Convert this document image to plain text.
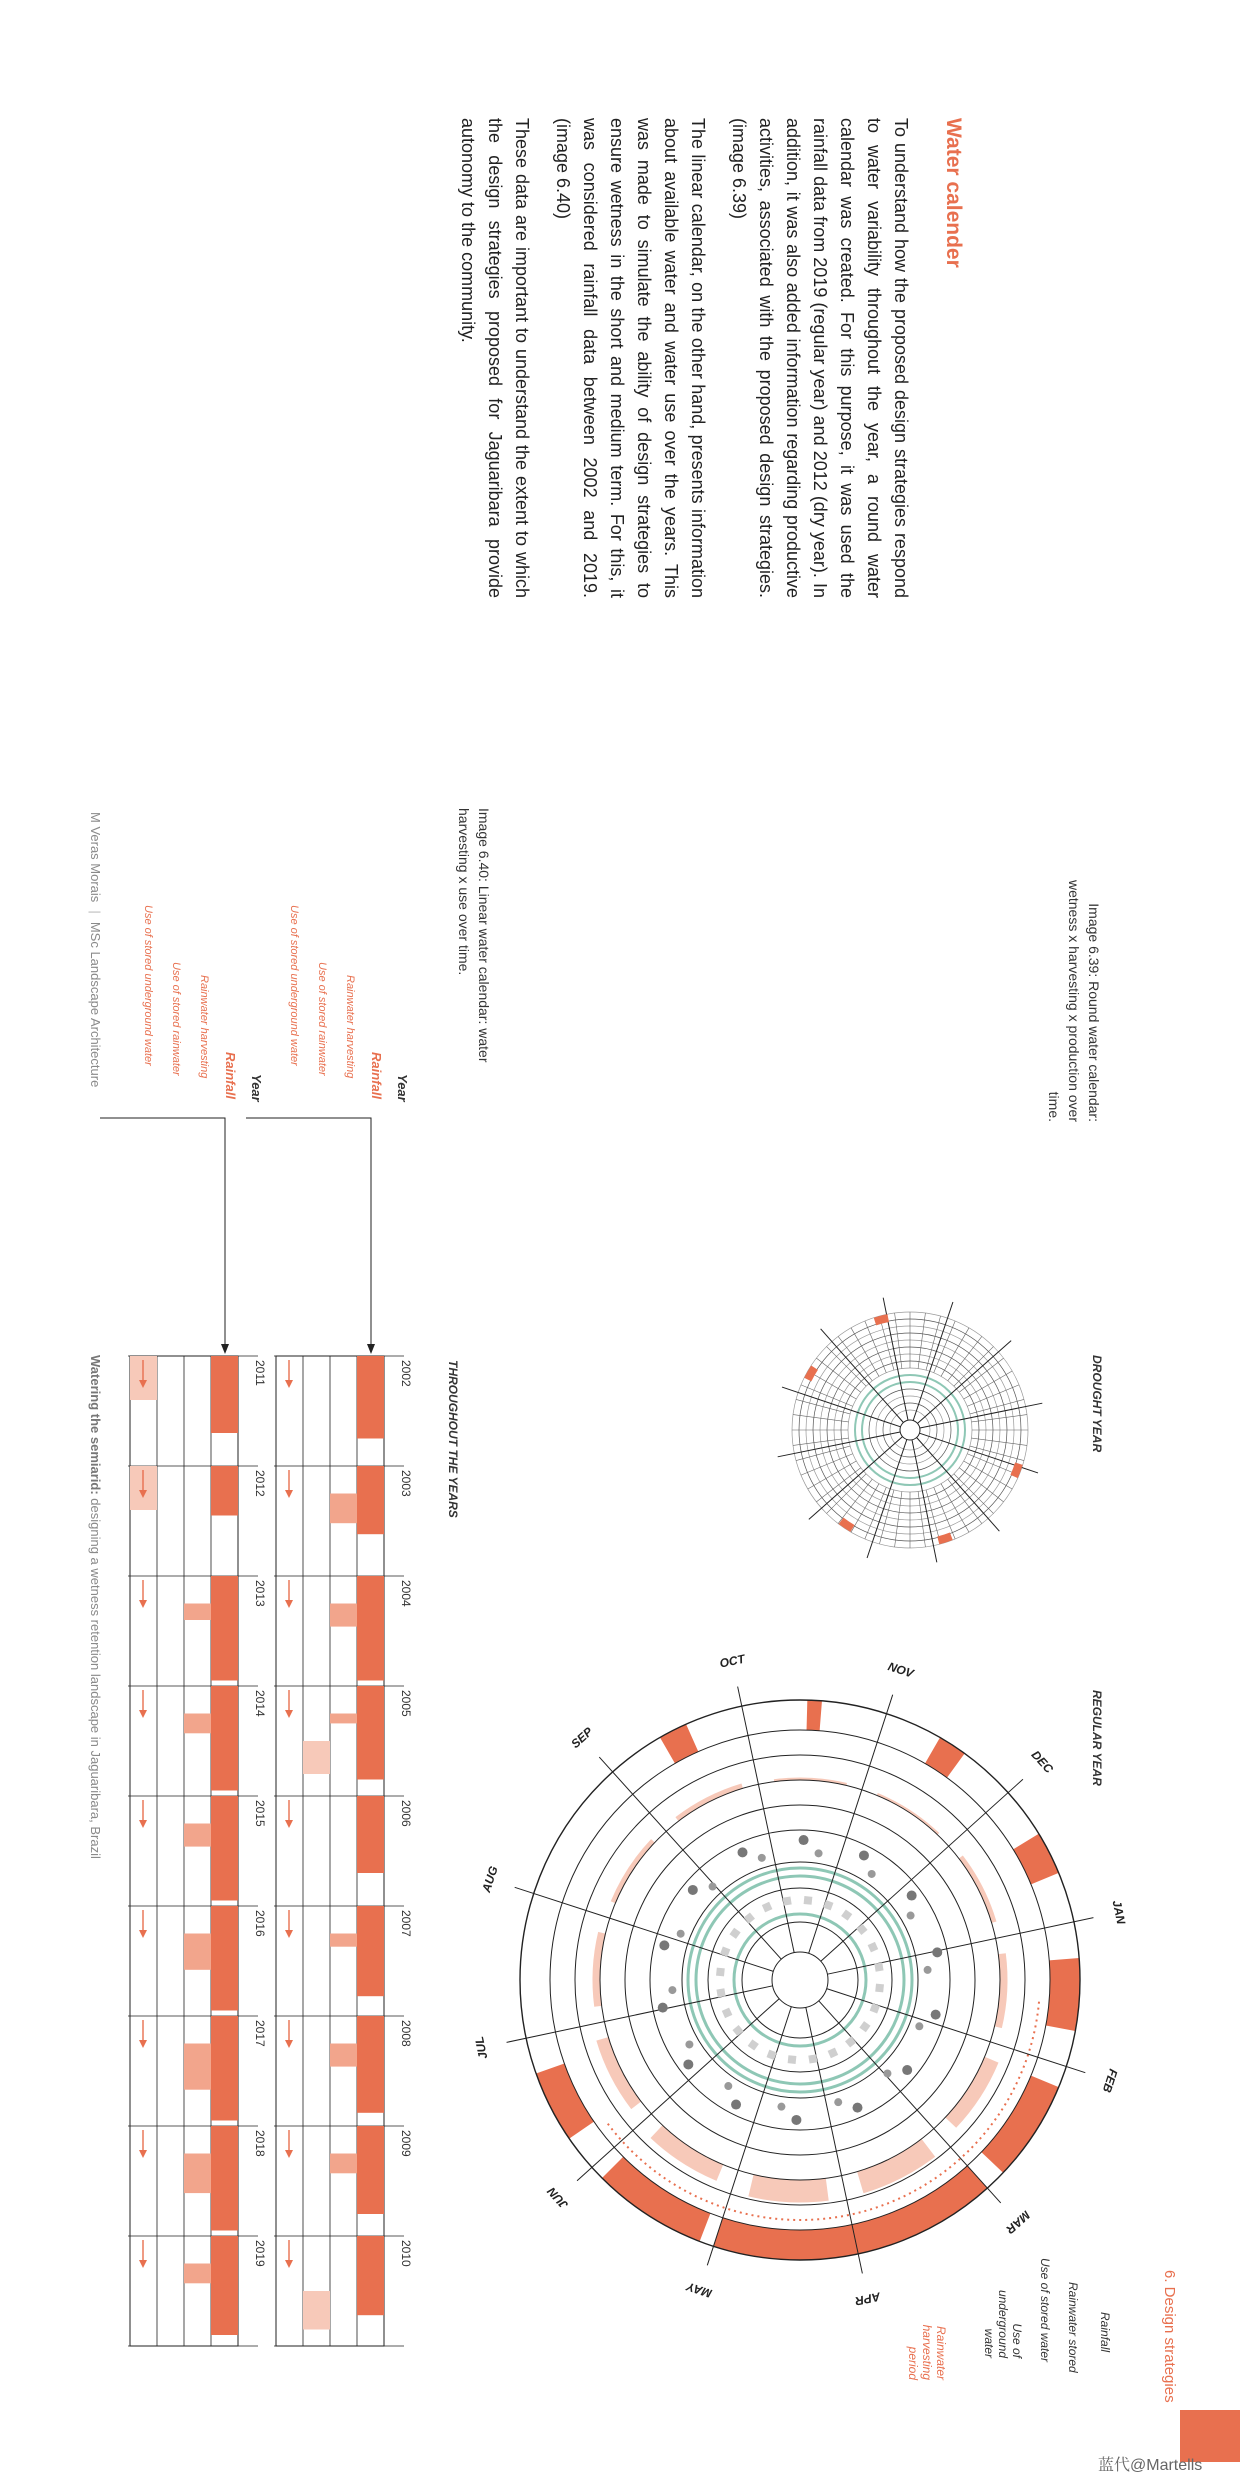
Water calender

To understand how the proposed design strategies respond to water variability throughout the year, a round water calendar was created. For this purpose, it was used the rainfall data from 2019 (regular year) and 2012 (dry year). In addition, it was also added information regarding productive activities, associated with the proposed design strategies. (image 6.39)

The linear calendar, on the other hand, presents information about available water and water use over the years. This was made to simulate the ability of design strategies to ensure wetness in the short and medium term. For this, it was considered rainfall data between 2002 and 2019. (image 6.40)

These data are important to understand the extent to which the design strategies proposed for Jaguaribara provide autonomy to the community.

Image 6.39: Round water calendar: wetness x harvesting x production over time.
Image 6.40: Linear water calendar: water harvesting x use over time.
DROUGHT YEAR
JAN
FEB
MAR
APR
MAY
JUN
JUL
AUG
SEP
OCT	NOV
DEC	REGULAR YEAR
Rainfall
Rainwater stored
Use of stored water
Use of underground water
Rainwater harvesting period
THROUGHOUT THE YEARS
Year
Rainfall
Rainwater harvesting
Use of stored rainwater
Use of stored underground water
Year
Rainfall
Rainwater harvesting
Use of stored rainwater
Use of stored underground water
2002
2003
2004
2005
2006
2007
2008
2009
2010
2011
2012
2013
2014
2015
2016
2017
2018
2019
6. Design strategies
165
M Veras Morais  |  MSc Landscape Architecture
Watering the semiarid: designing a wetness retention landscape in Jaguaribara, Brazil
蓝代@Martells
